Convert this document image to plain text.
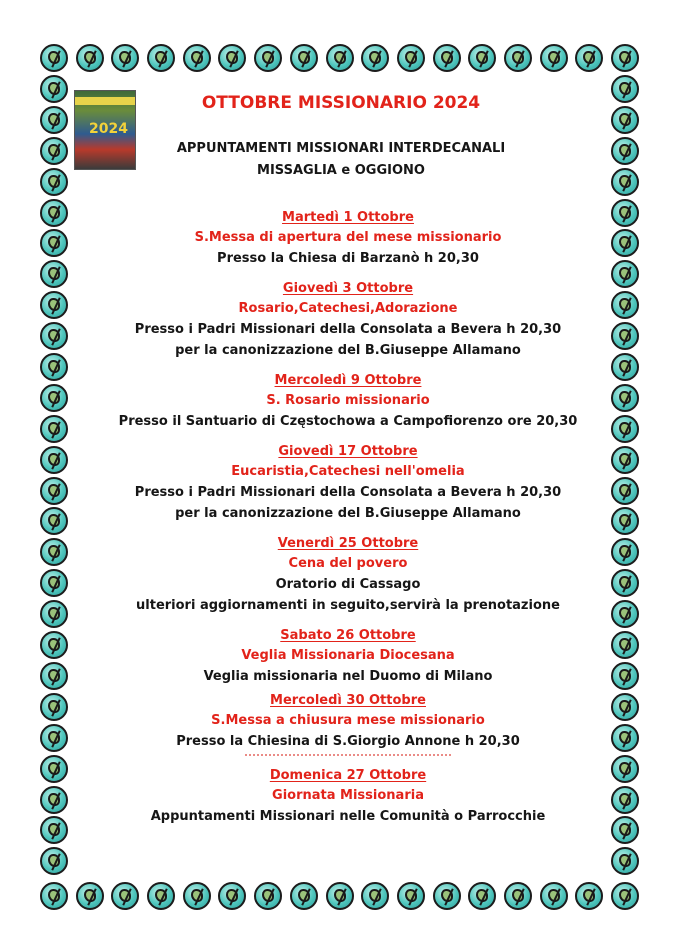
2024
OTTOBRE MISSIONARIO 2024
APPUNTAMENTI MISSIONARI INTERDECANALI
MISSAGLIA e OGGIONO
Martedì 1 Ottobre
S.Messa di apertura del mese missionario
Presso la Chiesa di Barzanò h 20,30
Giovedì 3 Ottobre
Rosario,Catechesi,Adorazione
Presso i Padri Missionari della Consolata a Bevera h 20,30
per la canonizzazione del B.Giuseppe Allamano
Mercoledì 9 Ottobre
S. Rosario missionario
Presso il Santuario di Częstochowa a Campofiorenzo ore 20,30
Giovedì 17 Ottobre
Eucaristia,Catechesi nell'omelia
Presso i Padri Missionari della Consolata a Bevera h 20,30
per la canonizzazione del B.Giuseppe Allamano
Venerdì 25 Ottobre
Cena del povero
Oratorio di Cassago
ulteriori aggiornamenti in seguito,servirà la prenotazione
Sabato 26 Ottobre
Veglia Missionaria Diocesana
Veglia missionaria nel Duomo di Milano
Mercoledì 30 Ottobre
S.Messa a chiusura mese missionario
Presso la Chiesina di S.Giorgio Annone h 20,30
Domenica 27 Ottobre
Giornata Missionaria
Appuntamenti Missionari nelle Comunità o Parrocchie
